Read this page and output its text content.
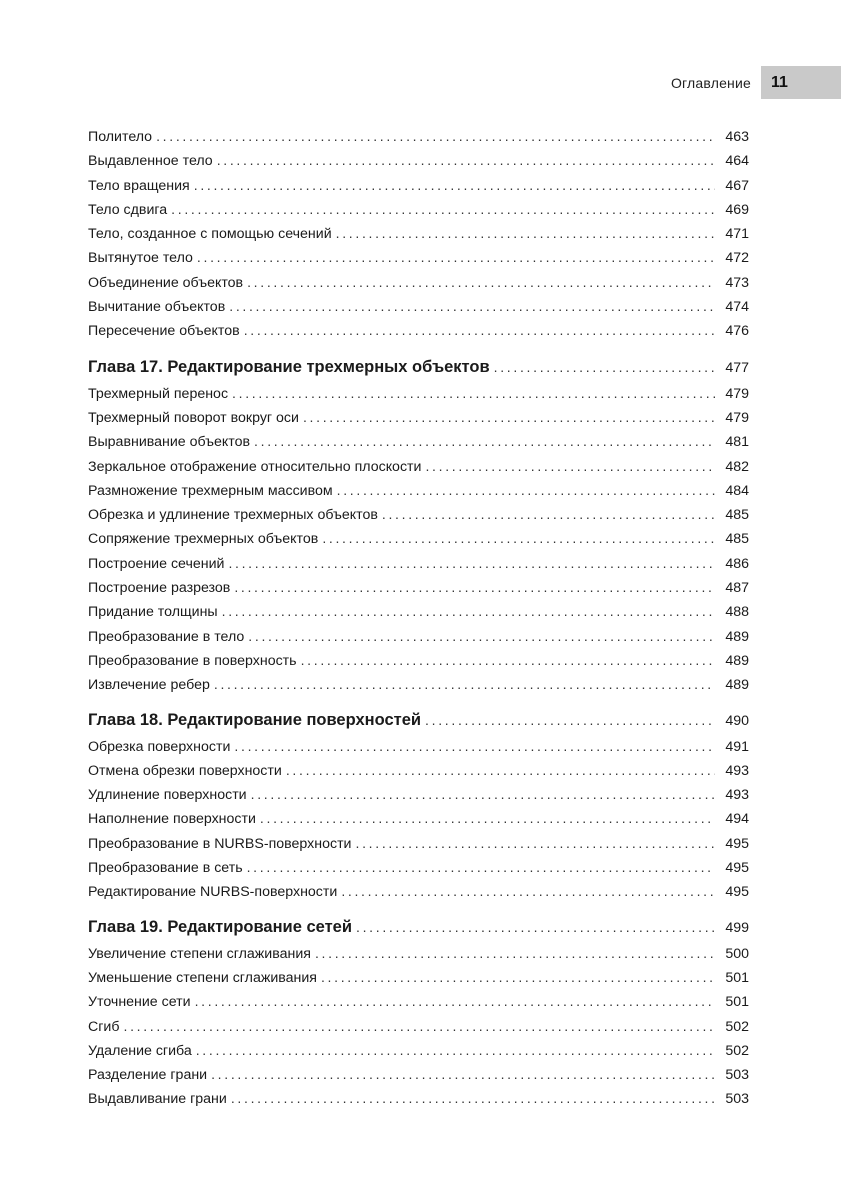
Оглавление	11
Политело . . .	463
Выдавленное тело . . .	464
Тело вращения . . .	467
Тело сдвига . . .	469
Тело, созданное с помощью сечений . . .	471
Вытянутое тело . . .	472
Объединение объектов . . .	473
Вычитание объектов . . .	474
Пересечение объектов . . .	476
Глава 17. Редактирование трехмерных объектов . . .	477
Трехмерный перенос . . .	479
Трехмерный поворот вокруг оси . . .	479
Выравнивание объектов . . .	481
Зеркальное отображение относительно плоскости . . .	482
Размножение трехмерным массивом . . .	484
Обрезка и удлинение трехмерных объектов . . .	485
Сопряжение трехмерных объектов . . .	485
Построение сечений . . .	486
Построение разрезов . . .	487
Придание толщины . . .	488
Преобразование в тело . . .	489
Преобразование в поверхность . . .	489
Извлечение ребер . . .	489
Глава 18. Редактирование поверхностей . . .	490
Обрезка поверхности . . .	491
Отмена обрезки поверхности . . .	493
Удлинение поверхности . . .	493
Наполнение поверхности . . .	494
Преобразование в NURBS-поверхности . . .	495
Преобразование в сеть . . .	495
Редактирование NURBS-поверхности . . .	495
Глава 19. Редактирование сетей . . .	499
Увеличение степени сглаживания . . .	500
Уменьшение степени сглаживания . . .	501
Уточнение сети . . .	501
Сгиб . . .	502
Удаление сгиба . . .	502
Разделение грани . . .	503
Выдавливание грани . . .	503
